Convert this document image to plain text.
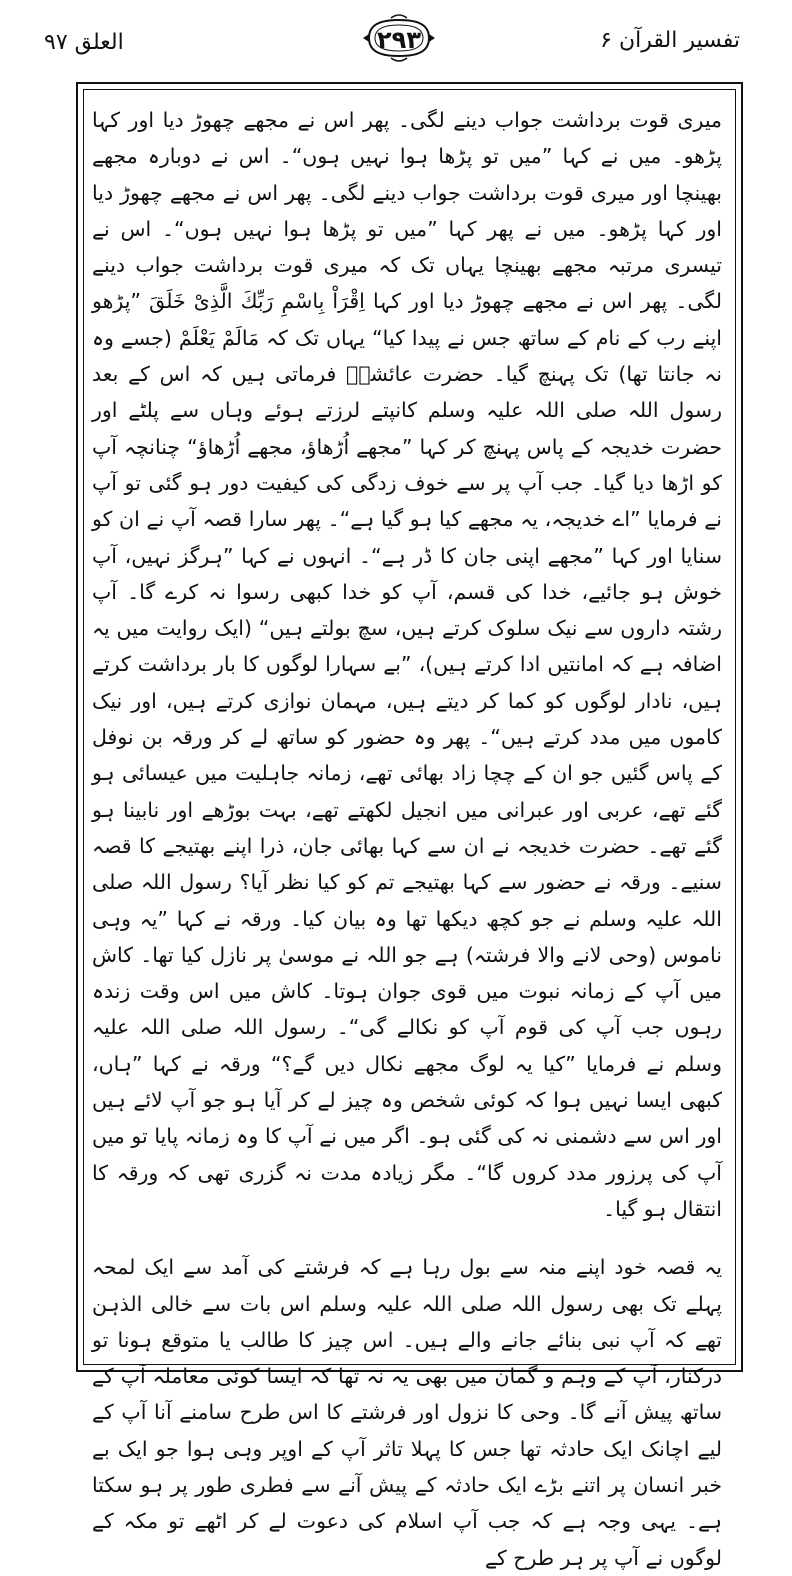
العلق ۹۷	۲۹۳	تفسیر القرآن ۶

میری قوت برداشت جواب دینے لگی۔ پھر اس نے مجھے چھوڑ دیا اور کہا پڑھو۔ میں نے کہا ”میں تو پڑھا ہوا نہیں ہوں“۔ اس نے دوبارہ مجھے بھینچا اور میری قوت برداشت جواب دینے لگی۔ پھر اس نے مجھے چھوڑ دیا اور کہا پڑھو۔ میں نے پھر کہا ”میں تو پڑھا ہوا نہیں ہوں“۔ اس نے تیسری مرتبہ مجھے بھینچا یہاں تک کہ میری قوت برداشت جواب دینے لگی۔ پھر اس نے مجھے چھوڑ دیا اور کہا اِقْرَاْ بِاسْمِ رَبِّكَ الَّذِیْ خَلَقَ ”پڑھو اپنے رب کے نام کے ساتھ جس نے پیدا کیا“ یہاں تک کہ مَالَمْ یَعْلَمْ (جسے وہ نہ جانتا تھا) تک پہنچ گیا۔ حضرت عائشہؓ فرماتی ہیں کہ اس کے بعد رسول اللہ صلی اللہ علیہ وسلم کانپتے لرزتے ہوئے وہاں سے پلٹے اور حضرت خدیجہ کے پاس پہنچ کر کہا ”مجھے اُڑھاؤ، مجھے اُڑھاؤ“ چنانچہ آپ کو اڑھا دیا گیا۔ جب آپ پر سے خوف زدگی کی کیفیت دور ہو گئی تو آپ نے فرمایا ”اے خدیجہ، یہ مجھے کیا ہو گیا ہے“۔ پھر سارا قصہ آپ نے ان کو سنایا اور کہا ”مجھے اپنی جان کا ڈر ہے“۔ انہوں نے کہا ”ہرگز نہیں، آپ خوش ہو جائیے، خدا کی قسم، آپ کو خدا کبھی رسوا نہ کرے گا۔ آپ رشتہ داروں سے نیک سلوک کرتے ہیں، سچ بولتے ہیں“ (ایک روایت میں یہ اضافہ ہے کہ امانتیں ادا کرتے ہیں)، ”بے سہارا لوگوں کا بار برداشت کرتے ہیں، نادار لوگوں کو کما کر دیتے ہیں، مہمان نوازی کرتے ہیں، اور نیک کاموں میں مدد کرتے ہیں“۔ پھر وہ حضور کو ساتھ لے کر ورقہ بن نوفل کے پاس گئیں جو ان کے چچا زاد بھائی تھے، زمانہ جاہلیت میں عیسائی ہو گئے تھے، عربی اور عبرانی میں انجیل لکھتے تھے، بہت بوڑھے اور نابینا ہو گئے تھے۔ حضرت خدیجہ نے ان سے کہا بھائی جان، ذرا اپنے بھتیجے کا قصہ سنیے۔ ورقہ نے حضور سے کہا بھتیجے تم کو کیا نظر آیا؟ رسول اللہ صلی اللہ علیہ وسلم نے جو کچھ دیکھا تھا وہ بیان کیا۔ ورقہ نے کہا ”یہ وہی ناموس (وحی لانے والا فرشتہ) ہے جو اللہ نے موسیٰ پر نازل کیا تھا۔ کاش میں آپ کے زمانہ نبوت میں قوی جوان ہوتا۔ کاش میں اس وقت زندہ رہوں جب آپ کی قوم آپ کو نکالے گی“۔ رسول اللہ صلی اللہ علیہ وسلم نے فرمایا ”کیا یہ لوگ مجھے نکال دیں گے؟“ ورقہ نے کہا ”ہاں، کبھی ایسا نہیں ہوا کہ کوئی شخص وہ چیز لے کر آیا ہو جو آپ لائے ہیں اور اس سے دشمنی نہ کی گئی ہو۔ اگر میں نے آپ کا وہ زمانہ پایا تو میں آپ کی پرزور مدد کروں گا“۔ مگر زیادہ مدت نہ گزری تھی کہ ورقہ کا انتقال ہو گیا۔

یہ قصہ خود اپنے منہ سے بول رہا ہے کہ فرشتے کی آمد سے ایک لمحہ پہلے تک بھی رسول اللہ صلی اللہ علیہ وسلم اس بات سے خالی الذہن تھے کہ آپ نبی بنائے جانے والے ہیں۔ اس چیز کا طالب یا متوقع ہونا تو درکنار، آپ کے وہم و گمان میں بھی یہ نہ تھا کہ ایسا کوئی معاملہ آپ کے ساتھ پیش آنے گا۔ وحی کا نزول اور فرشتے کا اس طرح سامنے آنا آپ کے لیے اچانک ایک حادثہ تھا جس کا پہلا تاثر آپ کے اوپر وہی ہوا جو ایک بے خبر انسان پر اتنے بڑے ایک حادثہ کے پیش آنے سے فطری طور پر ہو سکتا ہے۔ یہی وجہ ہے کہ جب آپ اسلام کی دعوت لے کر اٹھے تو مکہ کے لوگوں نے آپ پر ہر طرح کے
